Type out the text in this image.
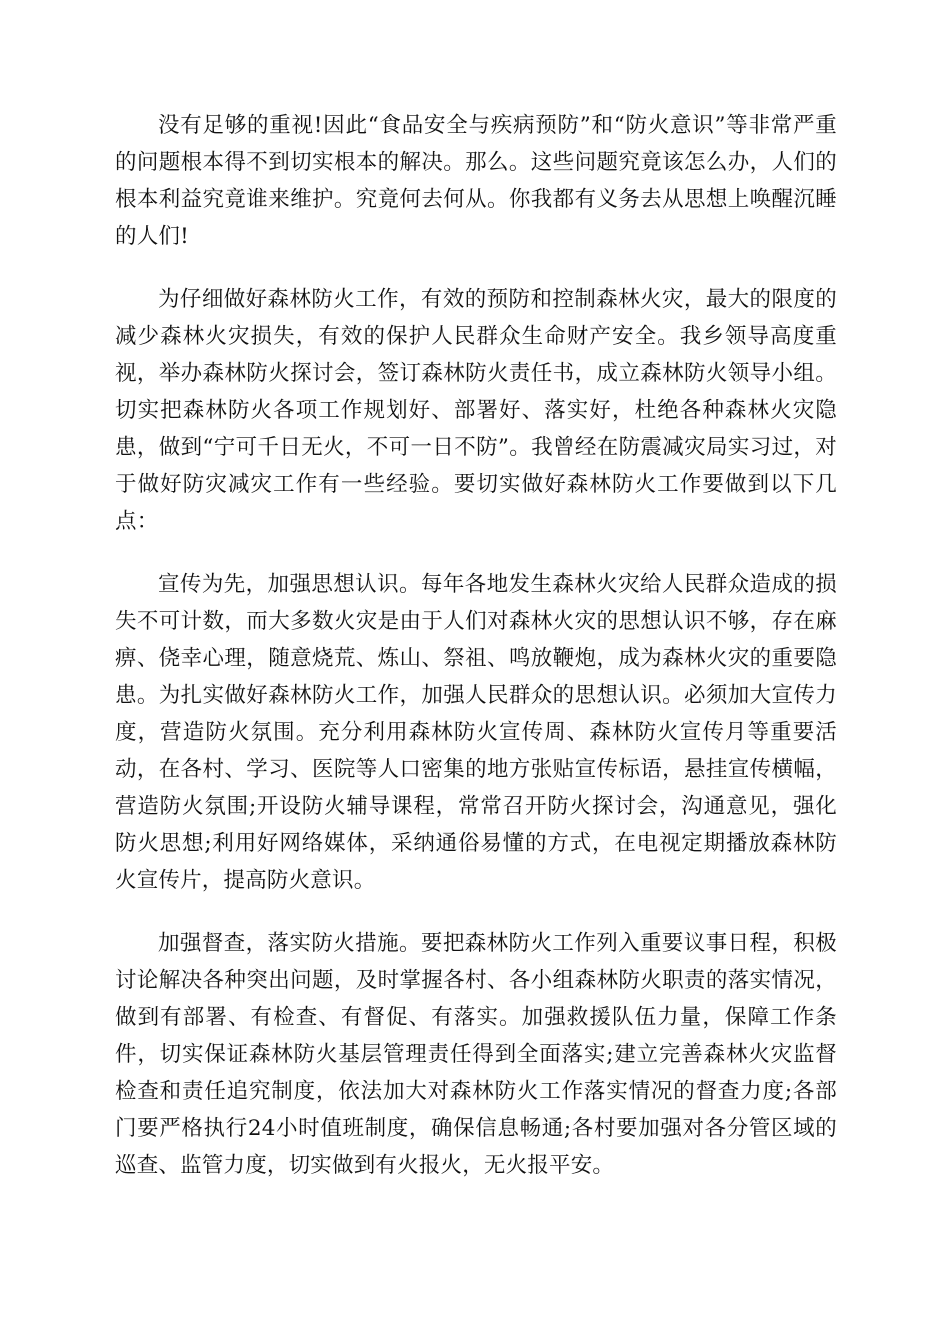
没有足够的重视!因此“食品安全与疾病预防”和“防火意识”等非常严重的问题根本得不到切实根本的解决。那么。这些问题究竟该怎么办，人们的根本利益究竟谁来维护。究竟何去何从。你我都有义务去从思想上唤醒沉睡的人们!

为仔细做好森林防火工作，有效的预防和控制森林火灾，最大的限度的减少森林火灾损失，有效的保护人民群众生命财产安全。我乡领导高度重视，举办森林防火探讨会，签订森林防火责任书，成立森林防火领导小组。切实把森林防火各项工作规划好、部署好、落实好，杜绝各种森林火灾隐患，做到“宁可千日无火，不可一日不防”。我曾经在防震减灾局实习过，对于做好防灾减灾工作有一些经验。要切实做好森林防火工作要做到以下几点：

宣传为先，加强思想认识。每年各地发生森林火灾给人民群众造成的损失不可计数，而大多数火灾是由于人们对森林火灾的思想认识不够，存在麻痹、侥幸心理，随意烧荒、炼山、祭祖、鸣放鞭炮，成为森林火灾的重要隐患。为扎实做好森林防火工作，加强人民群众的思想认识。必须加大宣传力度，营造防火氛围。充分利用森林防火宣传周、森林防火宣传月等重要活动，在各村、学习、医院等人口密集的地方张贴宣传标语，悬挂宣传横幅，营造防火氛围;开设防火辅导课程，常常召开防火探讨会，沟通意见，强化防火思想;利用好网络媒体，采纳通俗易懂的方式，在电视定期播放森林防火宣传片，提高防火意识。

加强督查，落实防火措施。要把森林防火工作列入重要议事日程，积极讨论解决各种突出问题，及时掌握各村、各小组森林防火职责的落实情况，做到有部署、有检查、有督促、有落实。加强救援队伍力量，保障工作条件，切实保证森林防火基层管理责任得到全面落实;建立完善森林火灾监督检查和责任追究制度，依法加大对森林防火工作落实情况的督查力度;各部门要严格执行24小时值班制度，确保信息畅通;各村要加强对各分管区域的巡查、监管力度，切实做到有火报火，无火报平安。
